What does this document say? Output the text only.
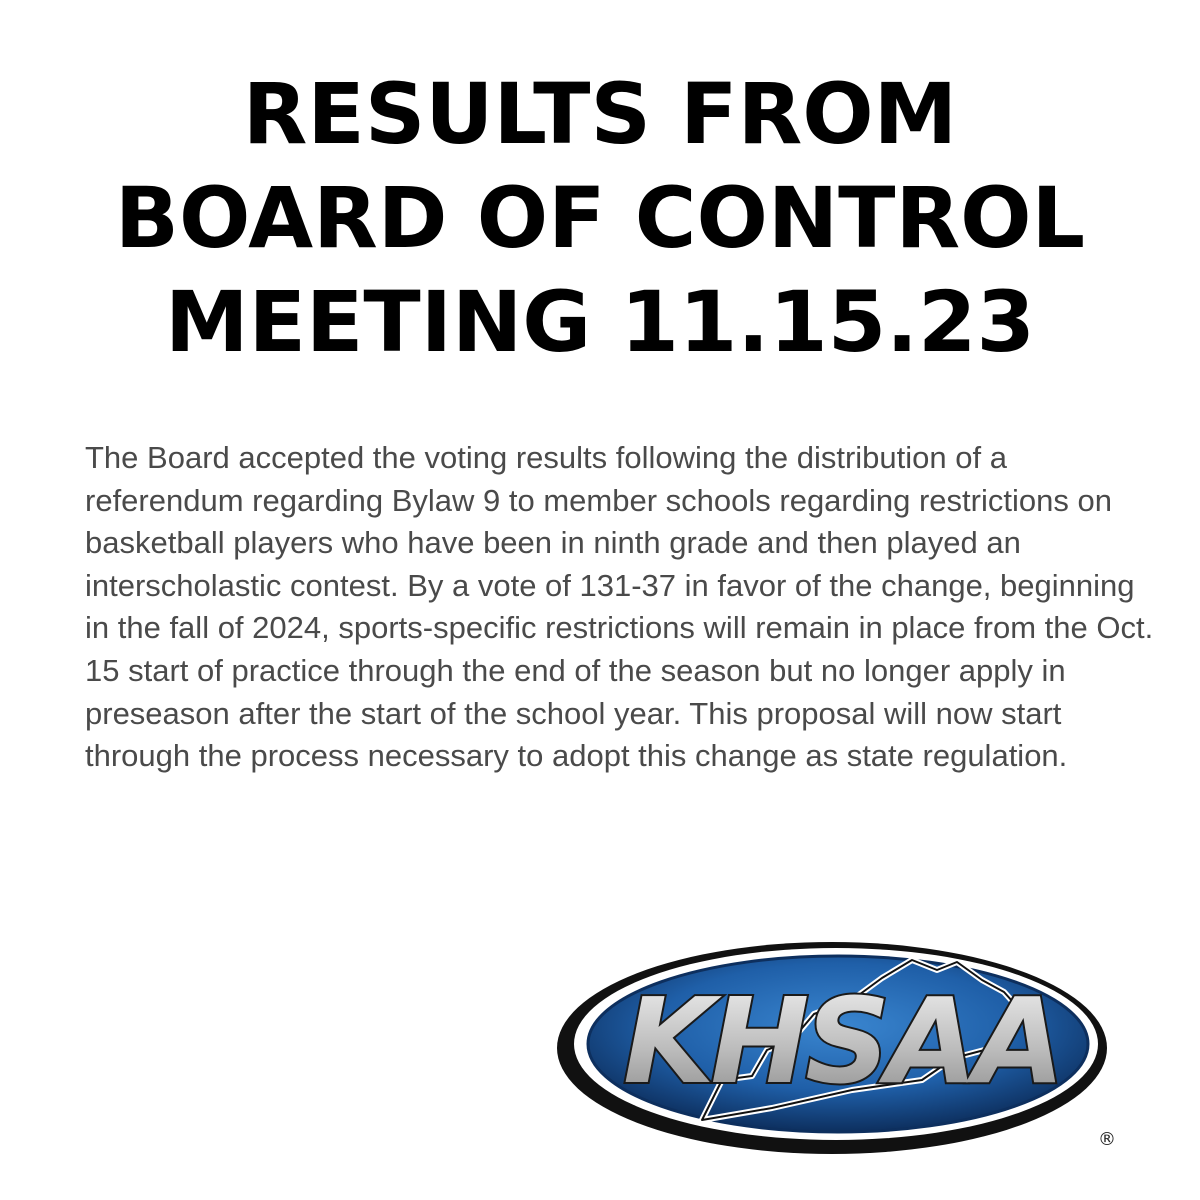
RESULTS FROM
BOARD OF CONTROL
MEETING 11.15.23

The Board accepted the voting results following the distribution of a referendum regarding Bylaw 9 to member schools regarding restrictions on basketball players who have been in ninth grade and then played an interscholastic contest. By a vote of 131-37 in favor of the change, beginning in the fall of 2024, sports-specific restrictions will remain in place from the Oct. 15 start of practice through the end of the season but no longer apply in preseason after the start of the school year. This proposal will now start through the process necessary to adopt this change as state regulation.

KHSAA
®
